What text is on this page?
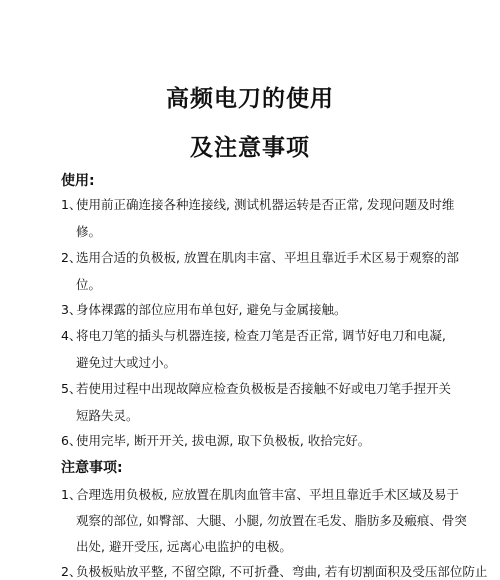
高频电刀的使用
及注意事项
使用:
1、
使用前正确连接各种连接线, 测试机器运转是否正常, 发现问题及时维
修。
2、
选用合适的负极板, 放置在肌肉丰富、平坦且靠近手术区易于观察的部
位。
3、
身体裸露的部位应用布单包好, 避免与金属接触。
4、
将电刀笔的插头与机器连接, 检查刀笔是否正常, 调节好电刀和电凝,
避免过大或过小。
5、
若使用过程中出现故障应检查负极板是否接触不好或电刀笔手捏开关
短路失灵。
6、
使用完毕, 断开开关, 拔电源, 取下负极板, 收拾完好。
注意事项:
1、
合理选用负极板, 应放置在肌肉血管丰富、平坦且靠近手术区域及易于
观察的部位, 如臀部、大腿、小腿, 勿放置在毛发、脂肪多及瘢痕、骨突
出处, 避开受压, 远离心电监护的电极。
2、
负极板贴放平整, 不留空隙, 不可折叠、弯曲, 若有切割面积及受压部位防止
